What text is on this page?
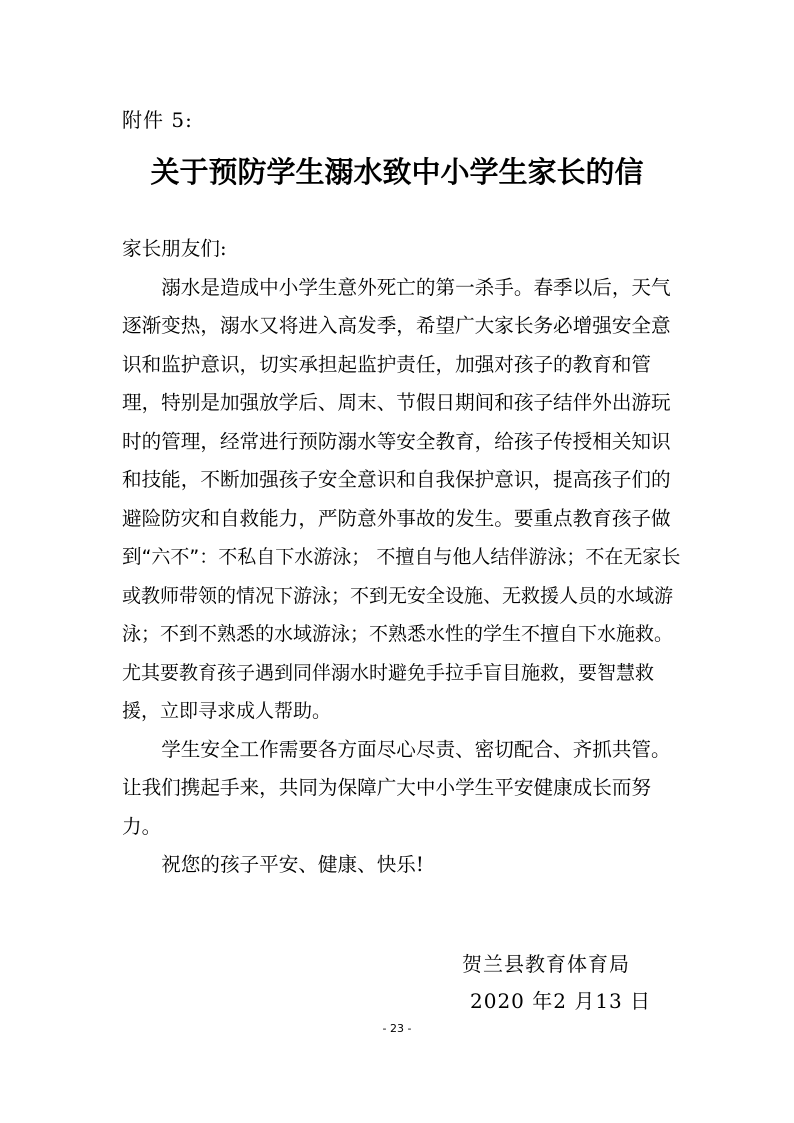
附件 5:
关于预防学生溺水致中小学生家长的信

家长朋友们:

溺水是造成中小学生意外死亡的第一杀手。春季以后，天气逐渐变热，溺水又将进入高发季，希望广大家长务必增强安全意识和监护意识，切实承担起监护责任，加强对孩子的教育和管理，特别是加强放学后、周末、节假日期间和孩子结伴外出游玩时的管理，经常进行预防溺水等安全教育，给孩子传授相关知识和技能，不断加强孩子安全意识和自我保护意识，提高孩子们的避险防灾和自救能力，严防意外事故的发生。要重点教育孩子做到“六不”：不私自下水游泳； 不擅自与他人结伴游泳；不在无家长或教师带领的情况下游泳；不到无安全设施、无救援人员的水域游泳；不到不熟悉的水域游泳；不熟悉水性的学生不擅自下水施救。尤其要教育孩子遇到同伴溺水时避免手拉手盲目施救，要智慧救援，立即寻求成人帮助。

学生安全工作需要各方面尽心尽责、密切配合、齐抓共管。让我们携起手来，共同为保障广大中小学生平安健康成长而努力。

祝您的孩子平安、健康、快乐!

贺兰县教育体育局
2020 年2 月13 日
- 23 -
